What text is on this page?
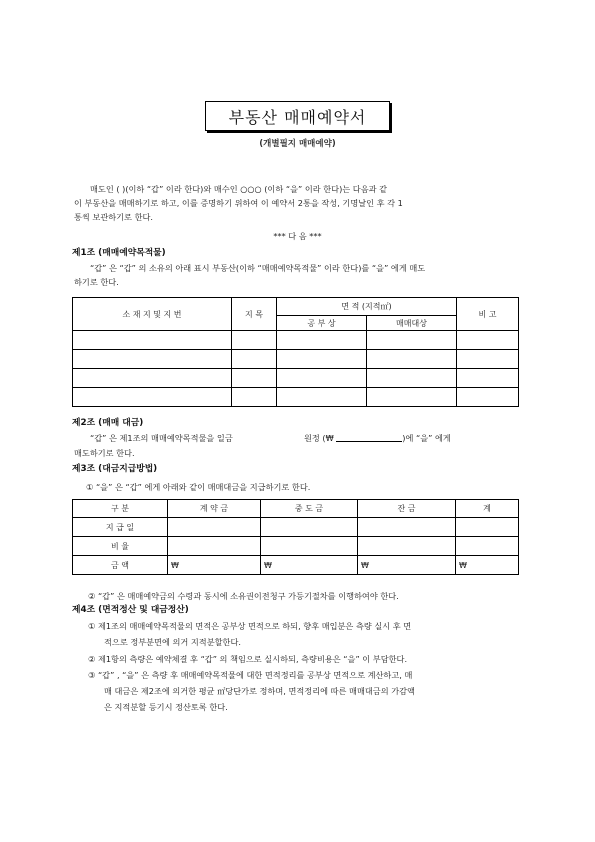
부동산 매매예약서
(개별필지 매매예약)
매도인 ( )(이하 “갑” 이라 한다)와 매수인 ○○○ (이하 “을” 이라 한다)는 다음과 같
이 부동산을 매매하기로 하고, 이를 증명하기 위하여 이 예약서 2통을 작성, 기명날인 후 각 1
통씩 보관하기로 한다.
*** 다 음 ***
제1조 (매매예약목적물)
“갑” 은 “갑” 의 소유의 아래 표시 부동산(이하 “매매예약목적물” 이라 한다)를 “을” 에게 매도
하기로 한다.
소 재 지 및 지 번	지 목	면 적 (지적㎡)		비 고
		공 부 상	매매대상	

제2조 (매매 대금)
“갑” 은 제1조의 매매예약목적물을 일금	원정 (₩	)에 “을” 에게
매도하기로 한다.
제3조 (대금지급방법)
① “을” 은 “갑” 에게 아래와 같이 매매대금을 지급하기로 한다.
구 분	계 약 금	중 도 금	잔 금	계
지 급 일				
비 율				
금 액	₩	₩	₩	₩
② “갑” 은 매매예약금의 수령과 동시에 소유권이전청구 가등기절차를 이행하여야 한다.
제4조 (면적정산 및 대금정산)
① 제1조의 매매예약목적물의 면적은 공부상 면적으로 하되, 향후 매입분은 측량 실시 후 면
적으로 정부분면에 의거 지적분할한다.
② 제1항의 측량은 예약체결 후 “갑” 의 책임으로 실시하되, 측량비용은 “을” 이 부담한다.
③ “갑” , “을” 은 측량 후 매매예약목적물에 대한 면적정리를 공부상 면적으로 계산하고, 매
매 대금은 제2조에 의거한 평균 ㎡당단가로 정하며, 면적정리에 따른 매매대금의 가감액
은 지적분할 등기시 정산토록 한다.
